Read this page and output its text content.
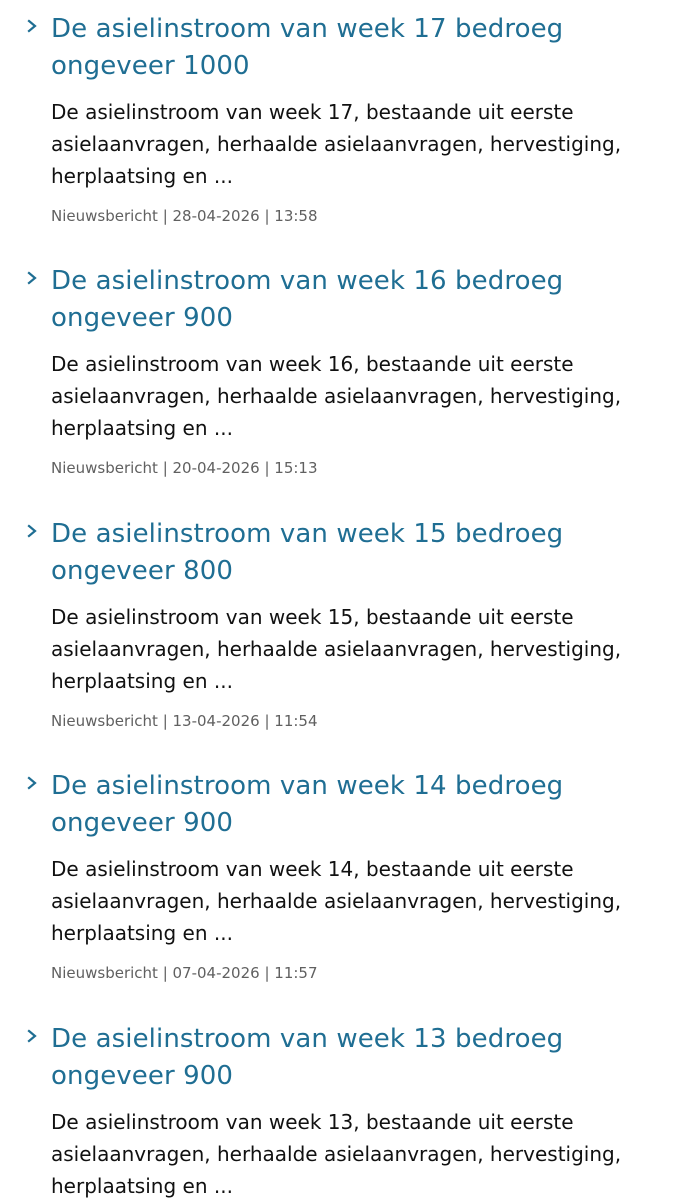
De asielinstroom van week 17 bedroeg ongeveer 1000

De asielinstroom van week 17, bestaande uit eerste
asielaanvragen, herhaalde asielaanvragen, hervestiging,
herplaatsing en ...

Nieuwsbericht | 28-04-2026 | 13:58

De asielinstroom van week 16 bedroeg ongeveer 900

De asielinstroom van week 16, bestaande uit eerste
asielaanvragen, herhaalde asielaanvragen, hervestiging,
herplaatsing en ...

Nieuwsbericht | 20-04-2026 | 15:13

De asielinstroom van week 15 bedroeg ongeveer 800

De asielinstroom van week 15, bestaande uit eerste
asielaanvragen, herhaalde asielaanvragen, hervestiging,
herplaatsing en ...

Nieuwsbericht | 13-04-2026 | 11:54

De asielinstroom van week 14 bedroeg ongeveer 900

De asielinstroom van week 14, bestaande uit eerste
asielaanvragen, herhaalde asielaanvragen, hervestiging,
herplaatsing en ...

Nieuwsbericht | 07-04-2026 | 11:57

De asielinstroom van week 13 bedroeg ongeveer 900

De asielinstroom van week 13, bestaande uit eerste
asielaanvragen, herhaalde asielaanvragen, hervestiging,
herplaatsing en ...
